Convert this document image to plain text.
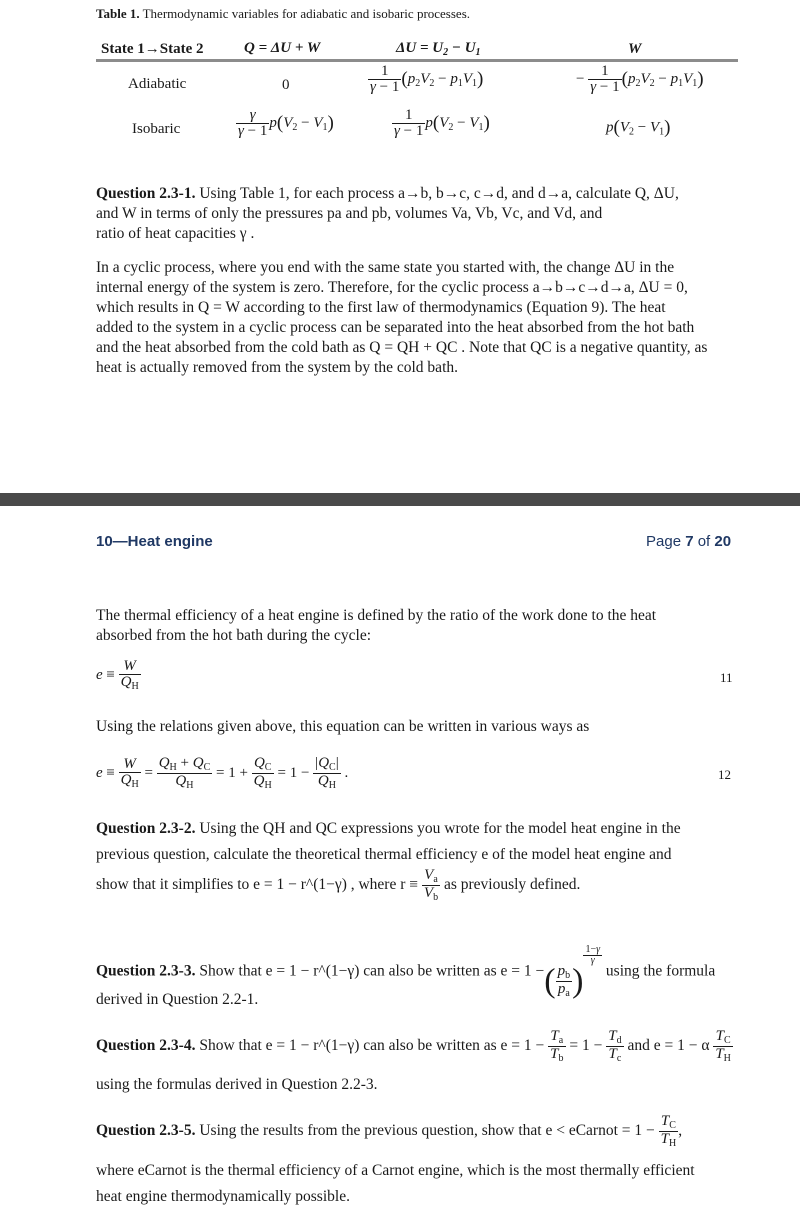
Table 1. Thermodynamic variables for adiabatic and isobaric processes.
State 1→State 2	Q = ΔU + W	$\Delta U = U_2 - U_1$	W
Adiabatic	0	$\frac{1}{\gamma - 1} (p_2V_2 - p_1V_1)$	− $\frac{1}{\gamma - 1} (p_2V_2 - p_1V_1)$
Isobaric	$\frac{\gamma}{\gamma - 1} p(V_2 - V_1)$	$\frac{1}{\gamma - 1} p(V_2 - V_1)$	$p(V_2 - V_1)$
Question 2.3-1. Using Table 1, for each process a→b, b→c, c→d, and d→a, calculate Q, ΔU,
and W in terms of only the pressures pa and pb, volumes Va, Vb, Vc, and Vd, and
ratio of heat capacities γ .
In a cyclic process, where you end with the same state you started with, the change ΔU in the
internal energy of the system is zero. Therefore, for the cyclic process a→b→c→d→a, ΔU = 0,
which results in Q = W according to the first law of thermodynamics (Equation 9). The heat
added to the system in a cyclic process can be separated into the heat absorbed from the hot bath
and the heat absorbed from the cold bath as Q = QH + QC . Note that QC is a negative quantity, as
heat is actually removed from the system by the cold bath.
10—Heat engine	Page 7 of 20
The thermal efficiency of a heat engine is defined by the ratio of the work done to the heat
absorbed from the hot bath during the cycle:
$e \equiv \frac{W}{Q_H}$	11
Using the relations given above, this equation can be written in various ways as
$e \equiv \frac{W}{Q_H} = \frac{Q_H + Q_C}{Q_H} = 1 + \frac{Q_C}{Q_H} = 1 - \frac{|Q_C|}{Q_H}$ .	12
Question 2.3-2. Using the QH and QC expressions you wrote for the model heat engine in the
previous question, calculate the theoretical thermal efficiency e of the model heat engine and
show that it simplifies to e = 1 − r^(1−γ) , where $r \equiv \frac{V_a}{V_b}$ as previously defined.
Question 2.3-3. Show that e = 1 − r^(1−γ) can also be written as e = 1 −( $\frac{p_b}{p_a}$ )
$\frac{1-\gamma}{\gamma}$
using the formula
derived in Question 2.2-1.
Question 2.3-4. Show that e = 1 − r^(1−γ) can also be written as $e = 1 - \frac{T_a}{T_b} = 1 - \frac{T_d}{T_c}$ and e = 1 − α $\frac{T_C}{T_H}$
using the formulas derived in Question 2.2-3.
Question 2.3-5. Using the results from the previous question, show that e < eCarnot = $1 - \frac{T_C}{T_H}$ ,
where eCarnot is the thermal efficiency of a Carnot engine, which is the most thermally efficient
heat engine thermodynamically possible.
